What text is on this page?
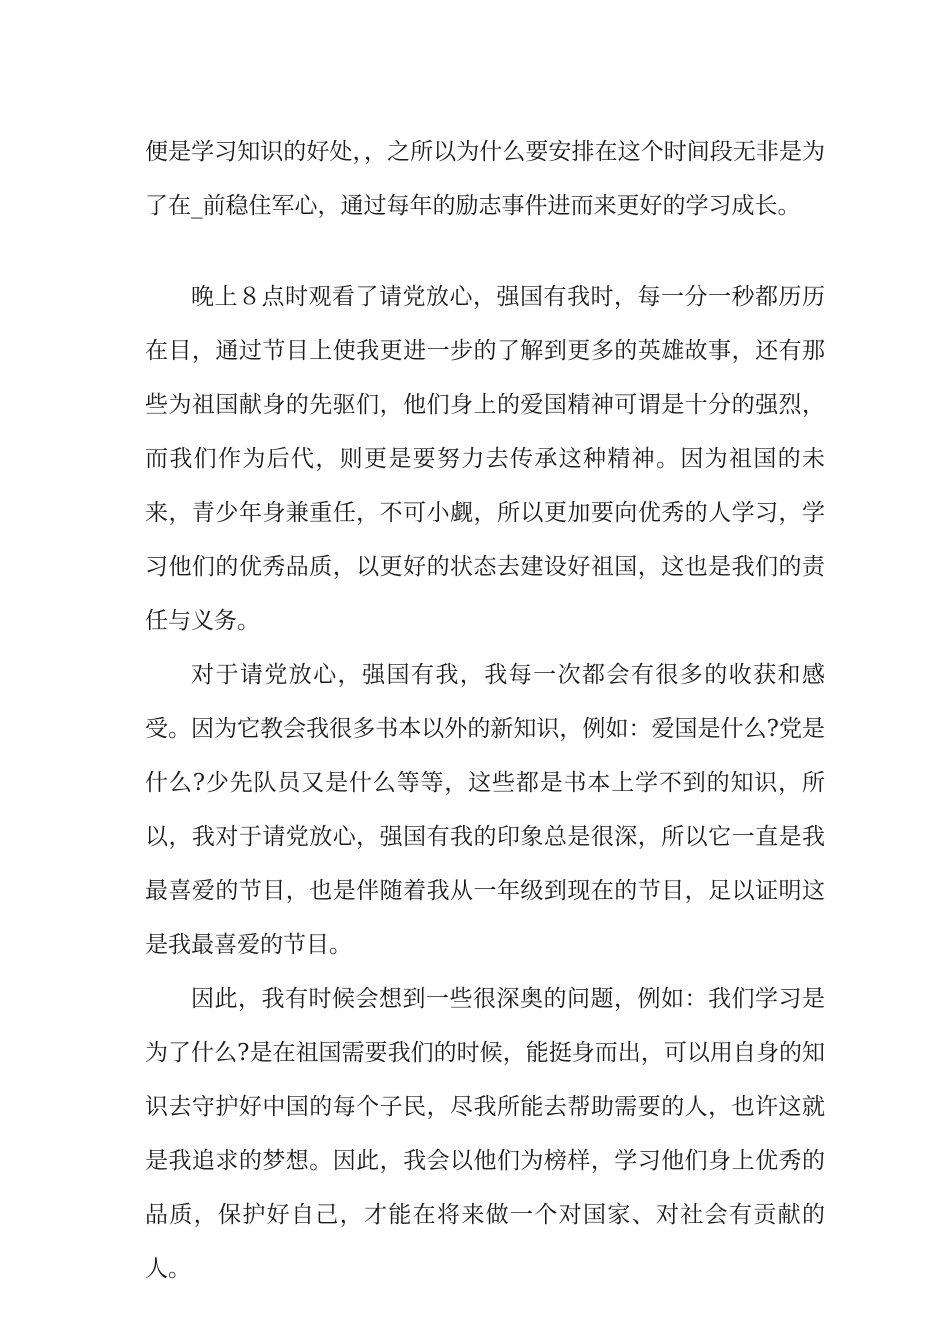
便是学习知识的好处，，之所以为什么要安排在这个时间段无非是为了在_前稳住军心，通过每年的励志事件进而来更好的学习成长。

晚上８点时观看了请党放心，强国有我时，每一分一秒都历历在目，通过节目上使我更进一步的了解到更多的英雄故事，还有那些为祖国献身的先驱们，他们身上的爱国精神可谓是十分的强烈，而我们作为后代，则更是要努力去传承这种精神。因为祖国的未来，青少年身兼重任，不可小觑，所以更加要向优秀的人学习，学习他们的优秀品质，以更好的状态去建设好祖国，这也是我们的责任与义务。

对于请党放心，强国有我，我每一次都会有很多的收获和感受。因为它教会我很多书本以外的新知识，例如：爱国是什么?党是什么?少先队员又是什么等等，这些都是书本上学不到的知识，所以，我对于请党放心，强国有我的印象总是很深，所以它一直是我最喜爱的节目，也是伴随着我从一年级到现在的节目，足以证明这是我最喜爱的节目。

因此，我有时候会想到一些很深奥的问题，例如：我们学习是为了什么?是在祖国需要我们的时候，能挺身而出，可以用自身的知识去守护好中国的每个子民，尽我所能去帮助需要的人，也许这就是我追求的梦想。因此，我会以他们为榜样，学习他们身上优秀的品质，保护好自己，才能在将来做一个对国家、对社会有贡献的人。
